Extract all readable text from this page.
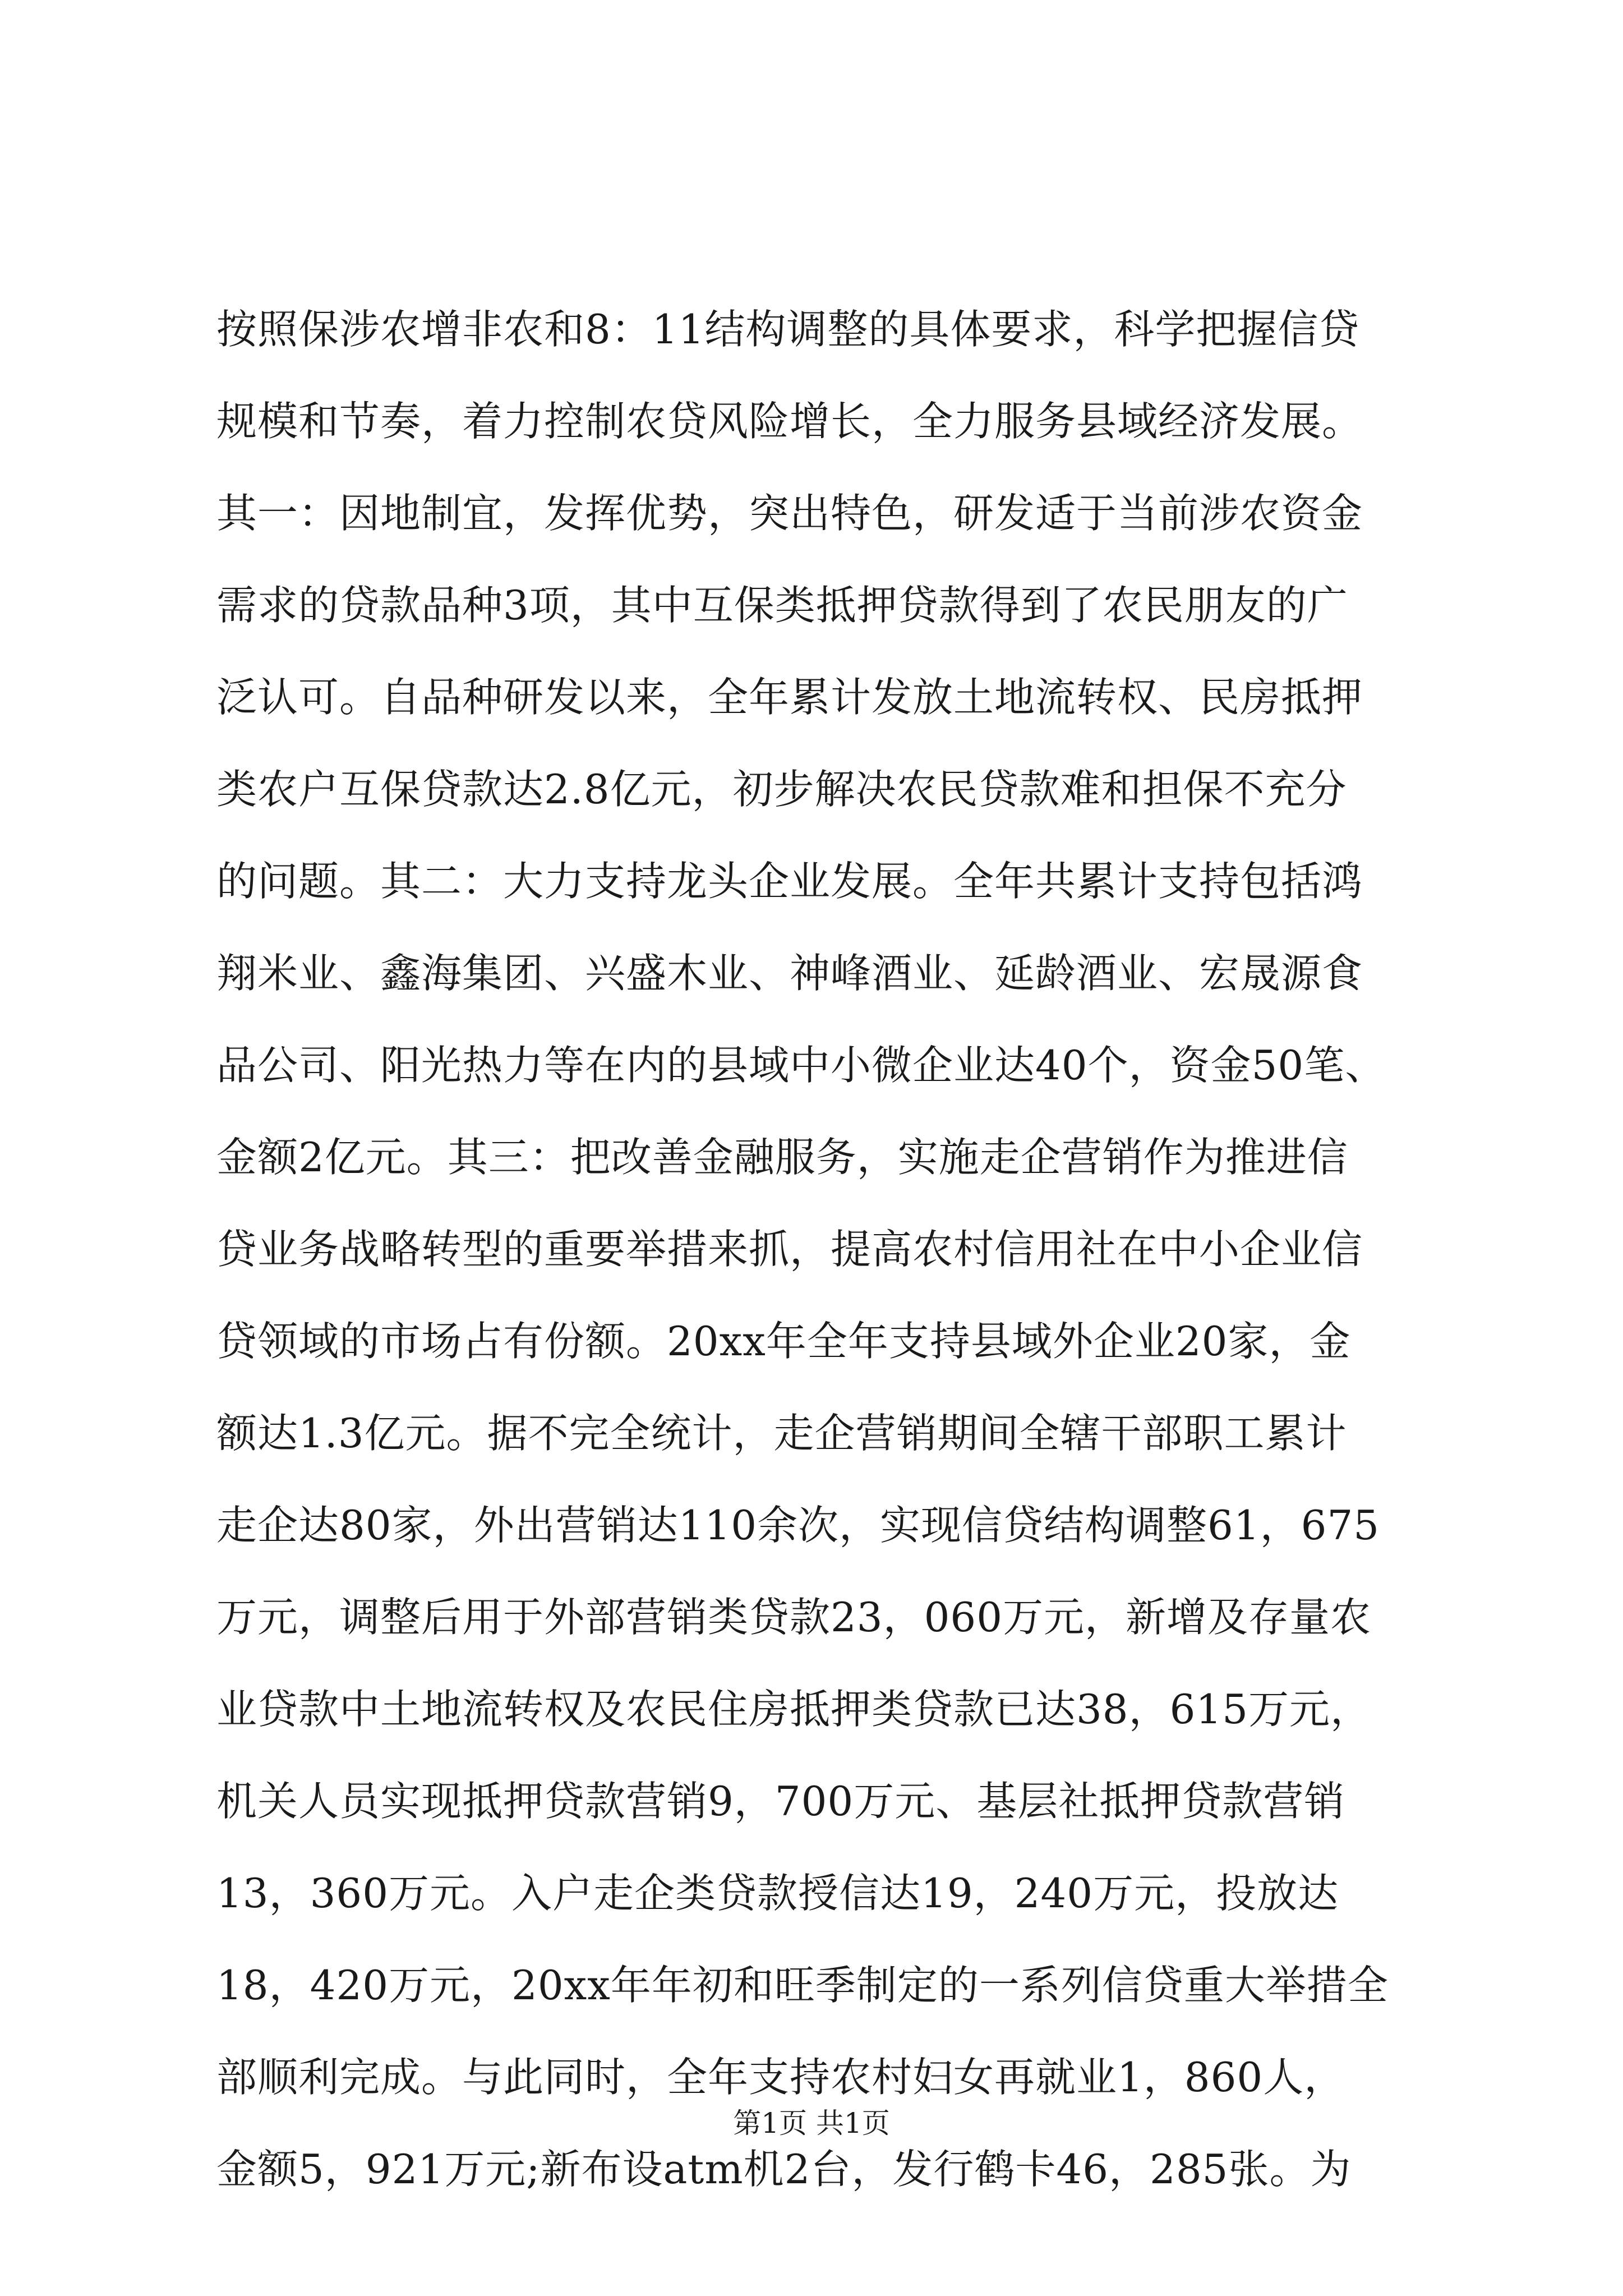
按照保涉农增非农和8：11结构调整的具体要求，科学把握信贷
规模和节奏，着力控制农贷风险增长，全力服务县域经济发展。
其一：因地制宜，发挥优势，突出特色，研发适于当前涉农资金
需求的贷款品种3项，其中互保类抵押贷款得到了农民朋友的广
泛认可。自品种研发以来，全年累计发放土地流转权、民房抵押
类农户互保贷款达2.8亿元，初步解决农民贷款难和担保不充分
的问题。其二：大力支持龙头企业发展。全年共累计支持包括鸿
翔米业、鑫海集团、兴盛木业、神峰酒业、延龄酒业、宏晟源食
品公司、阳光热力等在内的县域中小微企业达40个，资金50笔、
金额2亿元。其三：把改善金融服务，实施走企营销作为推进信
贷业务战略转型的重要举措来抓，提高农村信用社在中小企业信
贷领域的市场占有份额。20xx年全年支持县域外企业20家，金
额达1.3亿元。据不完全统计，走企营销期间全辖干部职工累计
走企达80家，外出营销达110余次，实现信贷结构调整61，675
万元，调整后用于外部营销类贷款23，060万元，新增及存量农
业贷款中土地流转权及农民住房抵押类贷款已达38，615万元，
机关人员实现抵押贷款营销9，700万元、基层社抵押贷款营销
13，360万元。入户走企类贷款授信达19，240万元，投放达
18，420万元，20xx年年初和旺季制定的一系列信贷重大举措全
部顺利完成。与此同时，全年支持农村妇女再就业1，860人，
金额5，921万元;新布设atm机2台，发行鹤卡46，285张。为
第1页 共1页
